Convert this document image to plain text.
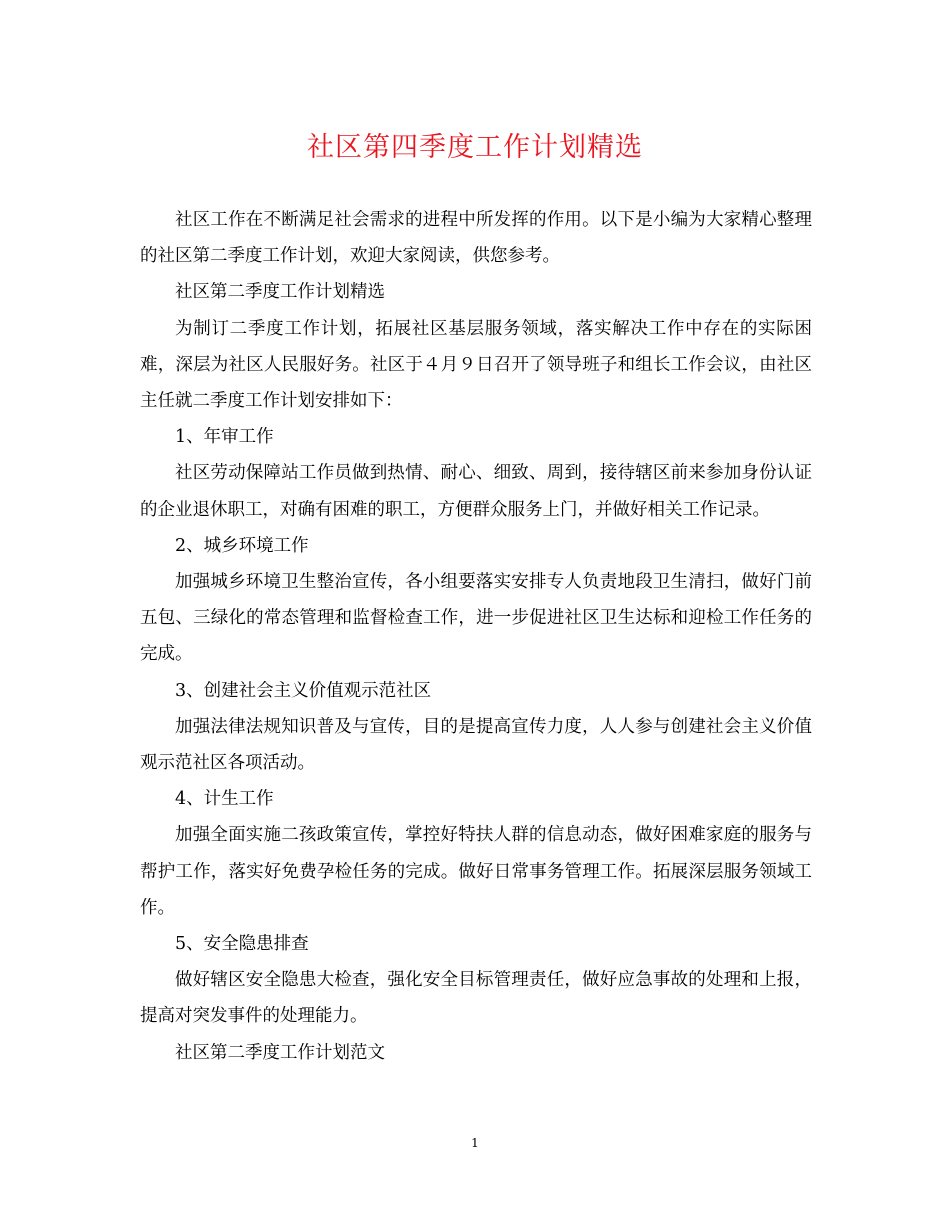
社区第四季度工作计划精选

社区工作在不断满足社会需求的进程中所发挥的作用。以下是小编为大家精心整理的社区第二季度工作计划，欢迎大家阅读，供您参考。

社区第二季度工作计划精选

为制订二季度工作计划，拓展社区基层服务领域，落实解决工作中存在的实际困难，深层为社区人民服好务。社区于４月９日召开了领导班子和组长工作会议，由社区主任就二季度工作计划安排如下：

1、年审工作

社区劳动保障站工作员做到热情、耐心、细致、周到，接待辖区前来参加身份认证的企业退休职工，对确有困难的职工，方便群众服务上门，并做好相关工作记录。

2、城乡环境工作

加强城乡环境卫生整治宣传，各小组要落实安排专人负责地段卫生清扫，做好门前五包、三绿化的常态管理和监督检查工作，进一步促进社区卫生达标和迎检工作任务的完成。

3、创建社会主义价值观示范社区

加强法律法规知识普及与宣传，目的是提高宣传力度，人人参与创建社会主义价值观示范社区各项活动。

4、计生工作

加强全面实施二孩政策宣传，掌控好特扶人群的信息动态，做好困难家庭的服务与帮护工作，落实好免费孕检任务的完成。做好日常事务管理工作。拓展深层服务领域工作。

5、安全隐患排查

做好辖区安全隐患大检查，强化安全目标管理责任，做好应急事故的处理和上报，提高对突发事件的处理能力。

社区第二季度工作计划范文

1
